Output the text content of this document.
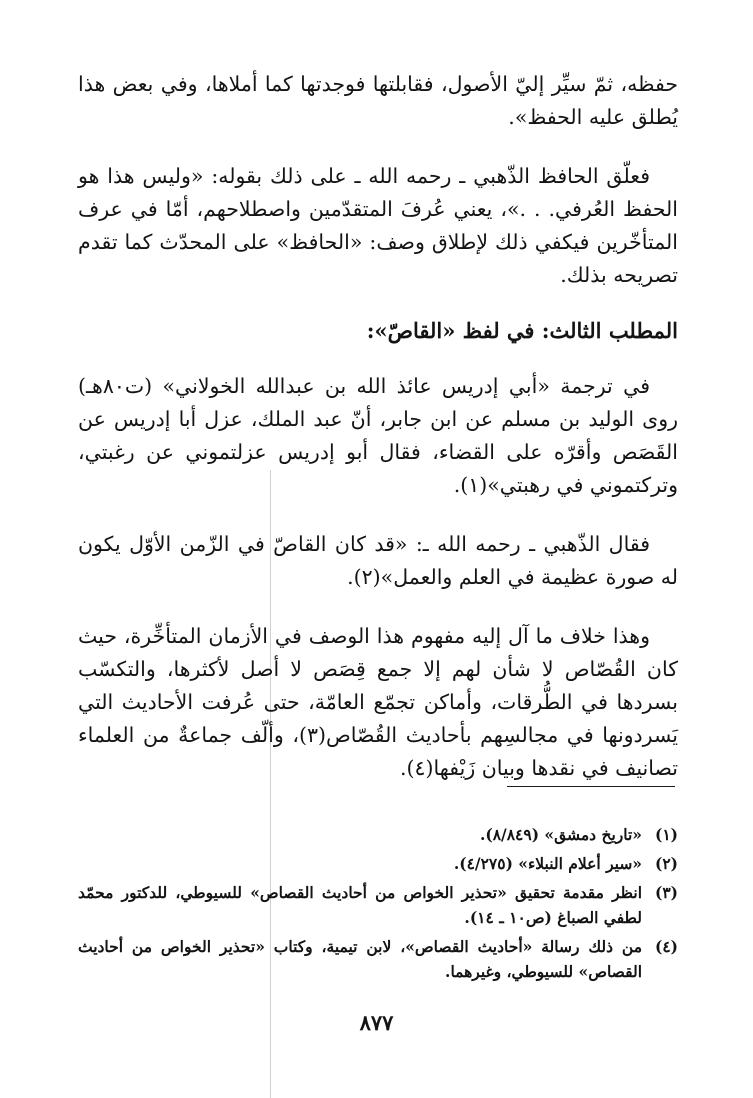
حفظه، ثمّ سيِّر إليّ الأصول، فقابلتها فوجدتها كما أملاها، وفي بعض هذا يُطلق عليه الحفظ».

فعلّق الحافظ الذّهبي ـ رحمه الله ـ على ذلك بقوله: «وليس هذا هو الحفظ العُرفي. . .»، يعني عُرفَ المتقدّمين واصطلاحهم، أمّا في عرف المتأخّرين فيكفي ذلك لإطلاق وصف: «الحافظ» على المحدّث كما تقدم تصريحه بذلك.

المطلب الثالث: في لفظ «القاصّ»:

في ترجمة «أبي إدريس عائذ الله بن عبدالله الخولاني» (ت٨٠هـ) روى الوليد بن مسلم عن ابن جابر، أنّ عبد الملك، عزل أبا إدريس عن القَصَص وأقرّه على القضاء، فقال أبو إدريس عزلتموني عن رغبتي، وتركتموني في رهبتي»(١).

فقال الذّهبي ـ رحمه الله ـ: «قد كان القاصّ في الزّمن الأوّل يكون له صورة عظيمة في العلم والعمل»(٢).

وهذا خلاف ما آل إليه مفهوم هذا الوصف في الأزمان المتأخِّرة، حيث كان القُصّاص لا شأن لهم إلا جمع قِصَص لا أصل لأكثرها، والتكسّب بسردها في الطُّرقات، وأماكن تجمّع العامّة، حتى عُرفت الأحاديث التي يَسردونها في مجالسِهم بأحاديث القُصّاص(٣)، وألّف جماعةٌ من العلماء تصانيف في نقدها وبيان زَيْفها(٤).

(١)
«تاريخ دمشق» (٨/٨٤٩).
(٢)
«سير أعلام النبلاء» (٤/٢٧٥).
(٣)
انظر مقدمة تحقيق «تحذير الخواص من أحاديث القصاص» للسيوطي، للدكتور محمّد لطفي الصباغ (ص١٠ ـ ١٤).
(٤)
من ذلك رسالة «أحاديث القصاص»، لابن تيمية، وكتاب «تحذير الخواص من أحاديث القصاص» للسيوطي، وغيرهما.
٨٧٧
